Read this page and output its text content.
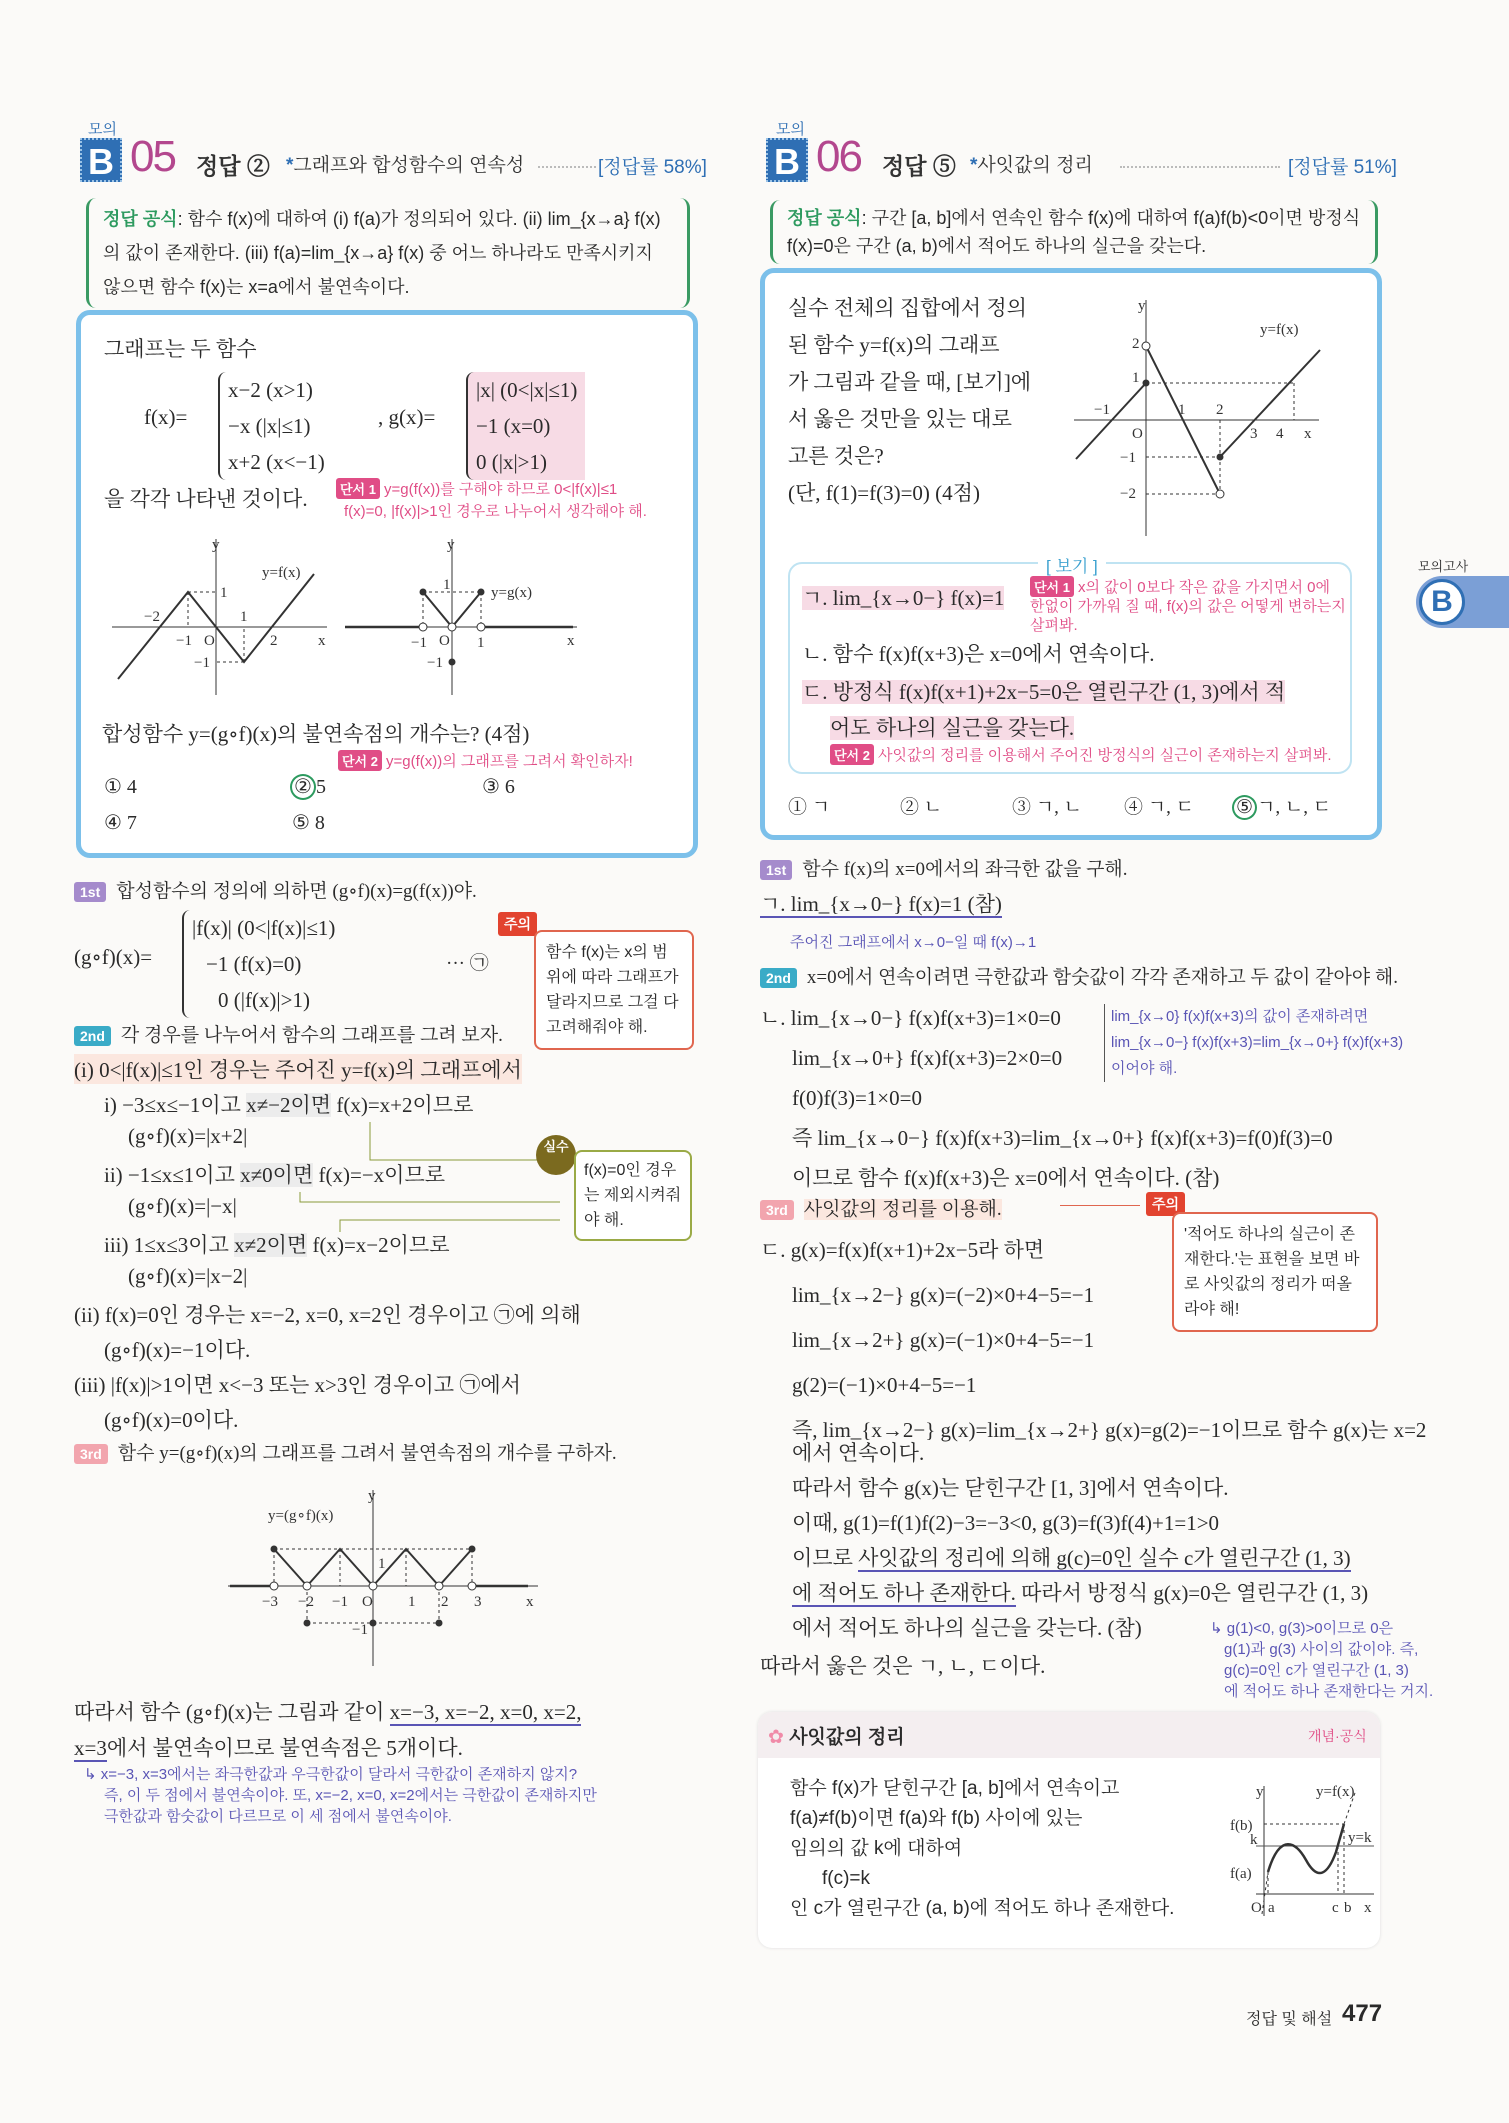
모의
B 05 정답 ② *그래프와 합성함수의 연속성	[정답률 58%]
정답 공식: 함수 f(x)에 대하여 (i) f(a)가 정의되어 있다. (ii) lim_{x→a} f(x)의 값이 존재한다. (iii) f(a)=lim_{x→a} f(x) 중 어느 하나라도 만족시키지 않으면 함수 f(x)는 x=a에서 불연속이다.
그래프는 두 함수
f(x)=
x−2 (x>1)
−x (|x|≤1)
x+2 (x<−1)
, g(x)=
|x| (0<|x|≤1)
−1 (x=0)
0 (|x|>1)
을 각각 나타낸 것이다.	단서 1 y=g(f(x))를 구해야 하므로 0<|f(x)|≤1
f(x)=0, |f(x)|>1인 경우로 나누어서 생각해야 해.
y
x
O
y=f(x)
−2
−1
1
2
1
−1
y
x
O
y=g(x)
−1	1
1
−1
합성함수 y=(g∘f)(x)의 불연속점의 개수는? (4점)
단서 2 y=g(f(x))의 그래프를 그려서 확인하자!
① 4	② 5	③ 6
④ 7	⑤ 8
1st 합성함수의 정의에 의하면 (g∘f)(x)=g(f(x))야.
(g∘f)(x)=
|f(x)| (0<|f(x)|≤1)
−1 (f(x)=0)
0 (|f(x)|>1)
··· ㉠
주의
함수 f(x)는 x의 범위에 따라 그래프가 달라지므로 그걸 다 고려해줘야 해.
2nd 각 경우를 나누어서 함수의 그래프를 그려 보자.
(i) 0<|f(x)|≤1인 경우는 주어진 y=f(x)의 그래프에서
i) −3≤x≤−1이고 x≠−2이면 f(x)=x+2이므로
(g∘f)(x)=|x+2|
ii) −1≤x≤1이고 x≠0이면 f(x)=−x이므로
(g∘f)(x)=|−x|
iii) 1≤x≤3이고 x≠2이면 f(x)=x−2이므로
(g∘f)(x)=|x−2|
실수
f(x)=0인 경우는 제외시켜줘야 해.
(ii) f(x)=0인 경우는 x=−2, x=0, x=2인 경우이고 ㉠에 의해
(g∘f)(x)=−1이다.
(iii) |f(x)|>1이면 x<−3 또는 x>3인 경우이고 ㉠에서
(g∘f)(x)=0이다.
3rd 함수 y=(g∘f)(x)의 그래프를 그려서 불연속점의 개수를 구하자.
y
x
O
y=(g∘f)(x)
−3 −2 −1	1 2 3
1
−1
따라서 함수 (g∘f)(x)는 그림과 같이 x=−3, x=−2, x=0, x=2,
x=3에서 불연속이므로 불연속점은 5개이다.
↳ x=−3, x=3에서는 좌극한값과 우극한값이 달라서 극한값이 존재하지 않지?
즉, 이 두 점에서 불연속이야. 또, x=−2, x=0, x=2에서는 극한값이 존재하지만
극한값과 함숫값이 다르므로 이 세 점에서 불연속이야.
모의
B 06 정답 ⑤ *사잇값의 정리	[정답률 51%]
정답 공식: 구간 [a, b]에서 연속인 함수 f(x)에 대하여 f(a)f(b)<0이면 방정식 f(x)=0은 구간 (a, b)에서 적어도 하나의 실근을 갖는다.
실수 전체의 집합에서 정의
된 함수 y=f(x)의 그래프
가 그림과 같을 때, [보기]에
서 옳은 것만을 있는 대로
고른 것은?
(단, f(1)=f(3)=0) (4점)
y
x
O
y=f(x)
−1	1 2
3 4
2
1
−1
−2
[ 보기 ]
ㄱ. lim_{x→0−} f(x)=1	단서 1 x의 값이 0보다 작은 값을 가지면서 0에 한없이 가까워 질 때, f(x)의 값은 어떻게 변하는지 살펴봐.
ㄴ. 함수 f(x)f(x+3)은 x=0에서 연속이다.
ㄷ. 방정식 f(x)f(x+1)+2x−5=0은 열린구간 (1, 3)에서 적
어도 하나의 실근을 갖는다.
단서 2 사잇값의 정리를 이용해서 주어진 방정식의 실근이 존재하는지 살펴봐.
① ㄱ	② ㄴ	③ ㄱ, ㄴ ④ ㄱ, ㄷ ⑤ ㄱ, ㄴ, ㄷ
1st 함수 f(x)의 x=0에서의 좌극한 값을 구해.
ㄱ. lim_{x→0−} f(x)=1 (참)
주어진 그래프에서 x→0−일 때 f(x)→1
2nd x=0에서 연속이려면 극한값과 함숫값이 각각 존재하고 두 값이 같아야 해.
ㄴ. lim_{x→0−} f(x)f(x+3)=1×0=0
lim_{x→0+} f(x)f(x+3)=2×0=0
f(0)f(3)=1×0=0
즉 lim_{x→0−} f(x)f(x+3)=lim_{x→0+} f(x)f(x+3)=f(0)f(3)=0
이므로 함수 f(x)f(x+3)은 x=0에서 연속이다. (참)
lim_{x→0} f(x)f(x+3)의 값이 존재하려면
lim_{x→0−} f(x)f(x+3)=lim_{x→0+} f(x)f(x+3)
이어야 해.
3rd 사잇값의 정리를 이용해.	주의
'적어도 하나의 실근이 존재한다.'는 표현을 보면 바로 사잇값의 정리가 떠올라야 해!
ㄷ. g(x)=f(x)f(x+1)+2x−5라 하면
lim_{x→2−} g(x)=(−2)×0+4−5=−1
lim_{x→2+} g(x)=(−1)×0+4−5=−1
g(2)=(−1)×0+4−5=−1
즉, lim_{x→2−} g(x)=lim_{x→2+} g(x)=g(2)=−1이므로 함수 g(x)는 x=2
에서 연속이다.
따라서 함수 g(x)는 닫힌구간 [1, 3]에서 연속이다.
이때, g(1)=f(1)f(2)−3=−3<0, g(3)=f(3)f(4)+1=1>0
이므로 사잇값의 정리에 의해 g(c)=0인 실수 c가 열린구간 (1, 3)
에 적어도 하나 존재한다. 따라서 방정식 g(x)=0은 열린구간 (1, 3)
에서 적어도 하나의 실근을 갖는다. (참)
따라서 옳은 것은 ㄱ, ㄴ, ㄷ이다.
↳ g(1)<0, g(3)>0이므로 0은
g(1)과 g(3) 사이의 값이야. 즉,
g(c)=0인 c가 열린구간 (1, 3)
에 적어도 하나 존재한다는 거지.
✿ 사잇값의 정리	개념·공식
함수 f(x)가 닫힌구간 [a, b]에서 연속이고
f(a)≠f(b)이면 f(a)와 f(b) 사이에 있는
임의의 값 k에 대하여
f(c)=k
인 c가 열린구간 (a, b)에 적어도 하나 존재한다.
y=f(x)
y
x
O
y=k
f(b)
k
f(a)
a	c b
모의고사
B
정답 및 해설 477
